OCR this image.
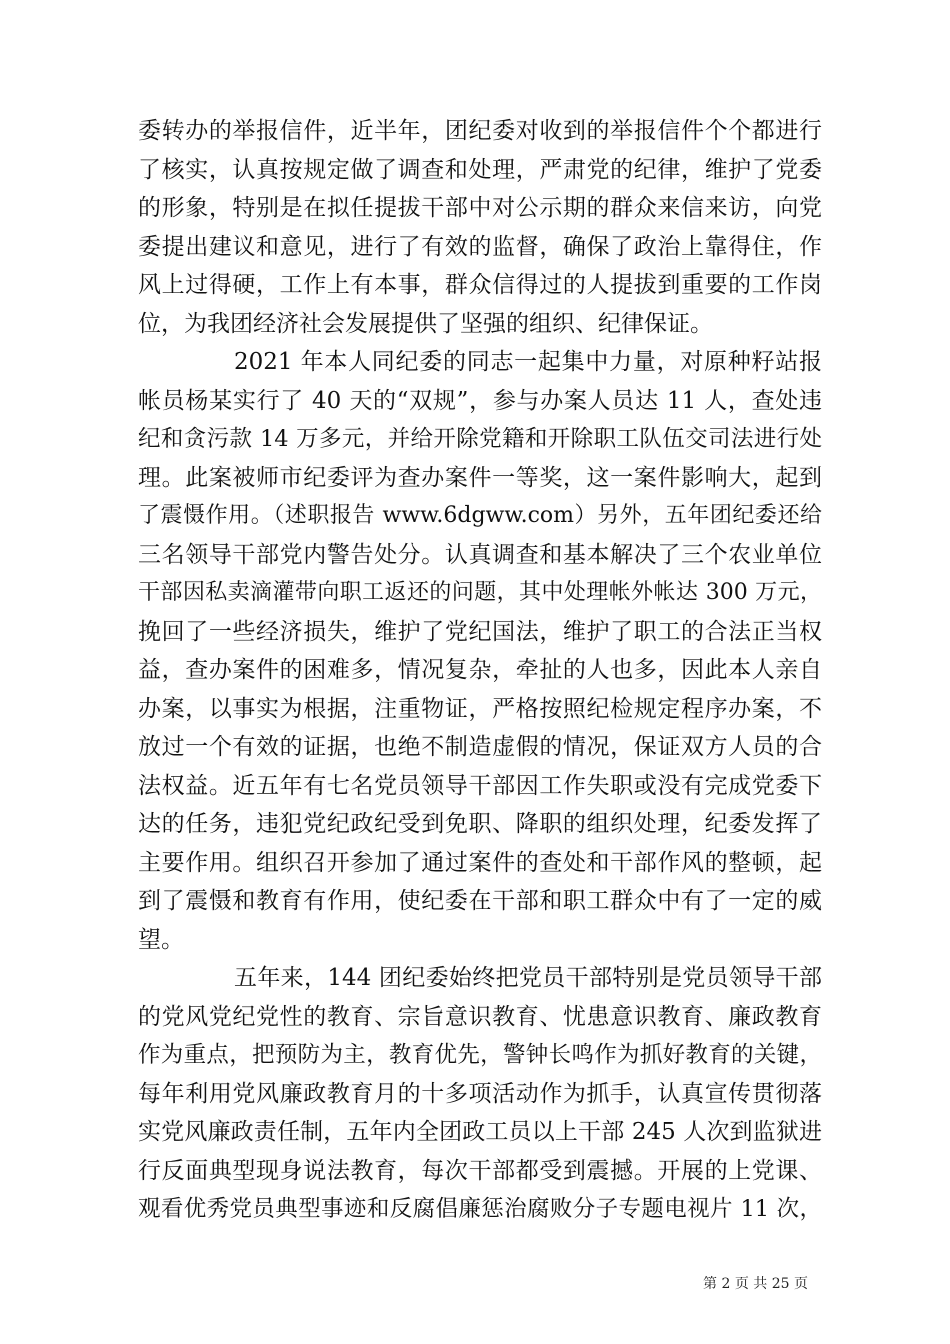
委转办的举报信件，近半年，团纪委对收到的举报信件个个都进行
了核实，认真按规定做了调查和处理，严肃党的纪律，维护了党委
的形象，特别是在拟任提拔干部中对公示期的群众来信来访，向党
委提出建议和意见，进行了有效的监督，确保了政治上靠得住，作
风上过得硬，工作上有本事，群众信得过的人提拔到重要的工作岗
位，为我团经济社会发展提供了坚强的组织、纪律保证。
2021 年本人同纪委的同志一起集中力量，对原种籽站报
帐员杨某实行了 40 天的“双规”，参与办案人员达 11 人，查处违
纪和贪污款 14 万多元，并给开除党籍和开除职工队伍交司法进行处
理。此案被师市纪委评为查办案件一等奖，这一案件影响大，起到
了震慑作用。（述职报告 www.6dgww.com）另外，五年团纪委还给
三名领导干部党内警告处分。认真调查和基本解决了三个农业单位
干部因私卖滴灌带向职工返还的问题，其中处理帐外帐达 300 万元，
挽回了一些经济损失，维护了党纪国法，维护了职工的合法正当权
益，查办案件的困难多，情况复杂，牵扯的人也多，因此本人亲自
办案，以事实为根据，注重物证，严格按照纪检规定程序办案，不
放过一个有效的证据，也绝不制造虚假的情况，保证双方人员的合
法权益。近五年有七名党员领导干部因工作失职或没有完成党委下
达的任务，违犯党纪政纪受到免职、降职的组织处理，纪委发挥了
主要作用。组织召开参加了通过案件的查处和干部作风的整顿，起
到了震慑和教育有作用，使纪委在干部和职工群众中有了一定的威
望。
五年来，144 团纪委始终把党员干部特别是党员领导干部
的党风党纪党性的教育、宗旨意识教育、忧患意识教育、廉政教育
作为重点，把预防为主，教育优先，警钟长鸣作为抓好教育的关键，
每年利用党风廉政教育月的十多项活动作为抓手，认真宣传贯彻落
实党风廉政责任制，五年内全团政工员以上干部 245 人次到监狱进
行反面典型现身说法教育，每次干部都受到震撼。开展的上党课、
观看优秀党员典型事迹和反腐倡廉惩治腐败分子专题电视片 11 次，
第 2 页 共 25 页
